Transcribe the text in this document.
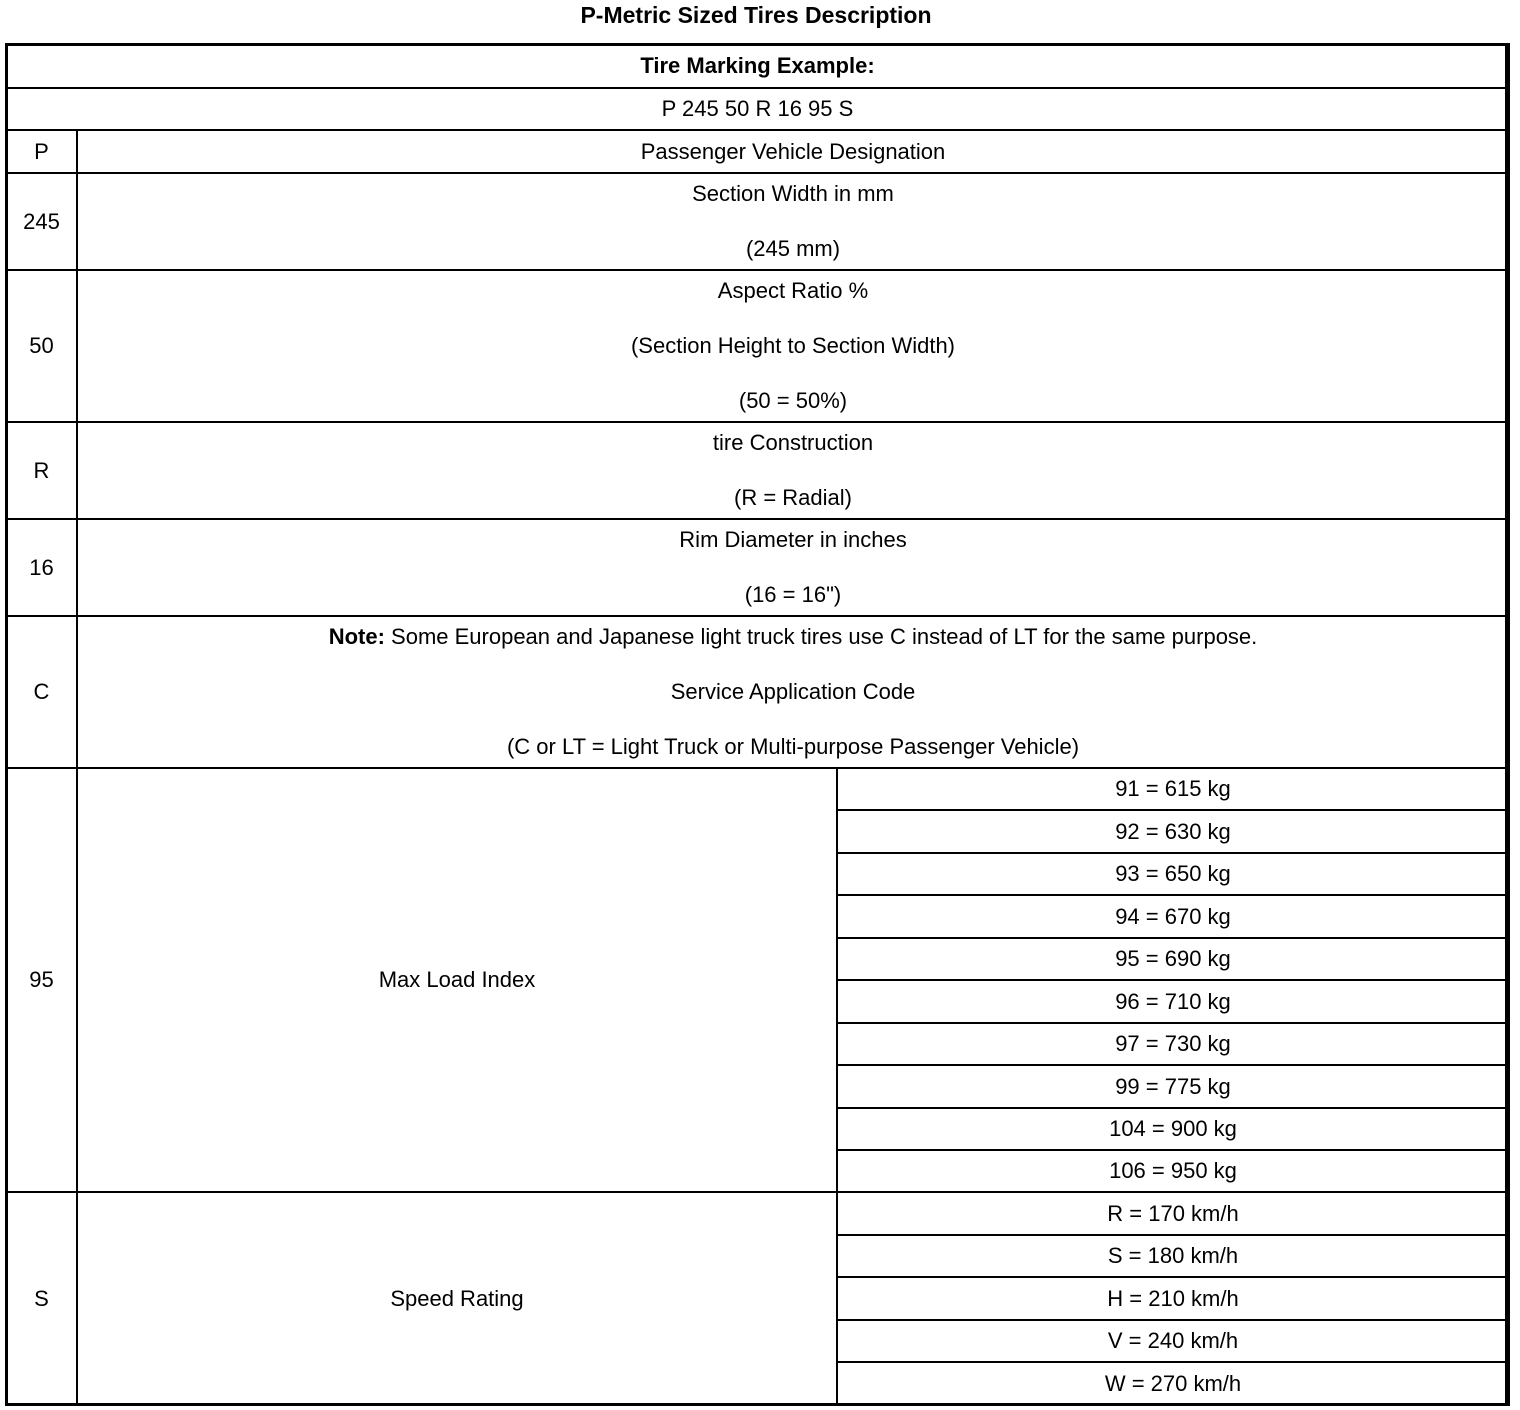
P-Metric Sized Tires Description
Tire Marking Example:		
P 245 50 R 16 95 S		
P	Passenger Vehicle Designation	

245	Section Width in mm
(245 mm)	

50	Aspect Ratio %
(Section Height to Section Width)
(50 = 50%)	

R	tire Construction
(R = Radial)	

16	Rim Diameter in inches
(16 = 16")	

C	Note: Some European and Japanese light truck tires use C instead of LT for the same purpose.
Service Application Code
(C or LT = Light Truck or Multi-purpose Passenger Vehicle)	

95	Max Load Index	91 = 615 kg
		92 = 630 kg
		93 = 650 kg
		94 = 670 kg
		95 = 690 kg
		96 = 710 kg
		97 = 730 kg
		99 = 775 kg
		104 = 900 kg
		106 = 950 kg
S	Speed Rating	R = 170 km/h
		S = 180 km/h
		H = 210 km/h
		V = 240 km/h
		W = 270 km/h
